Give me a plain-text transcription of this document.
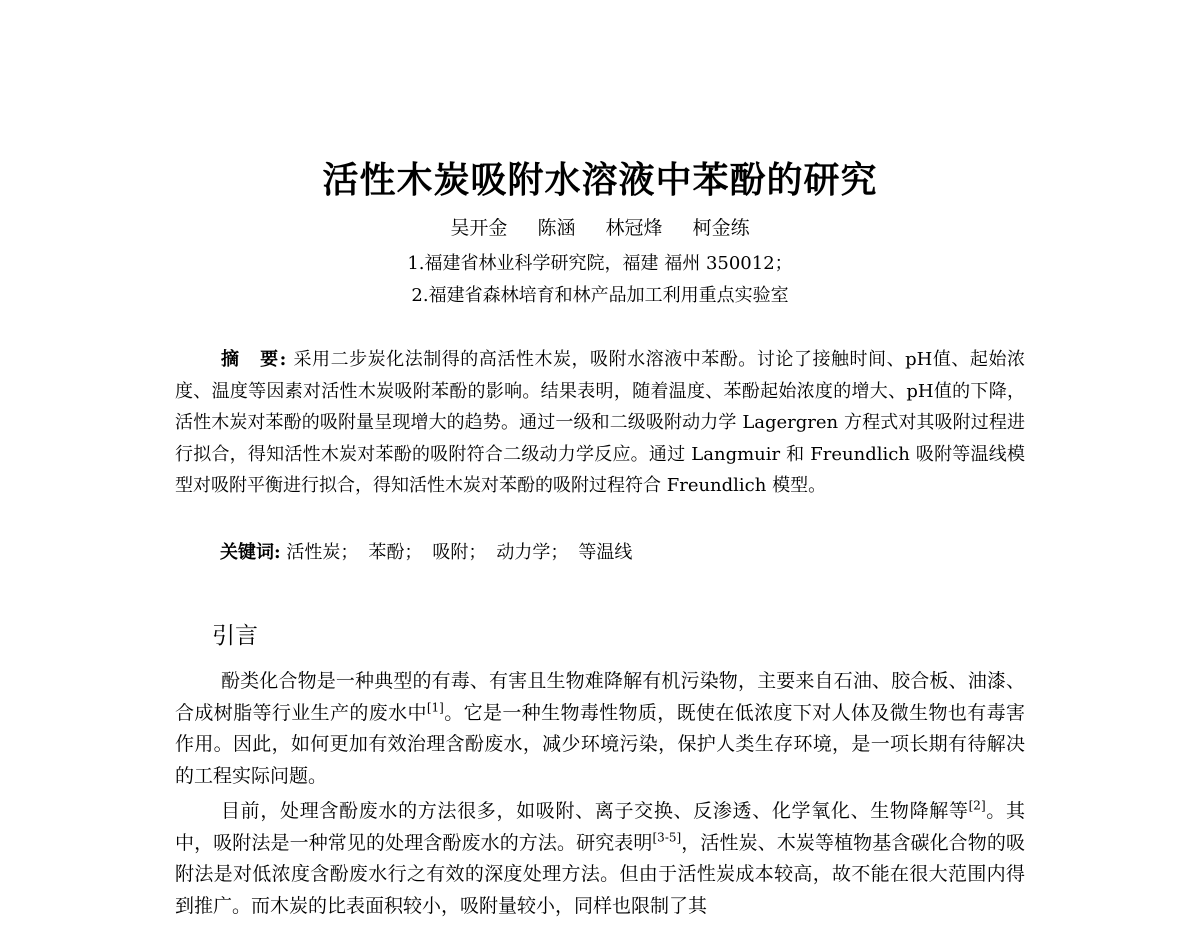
活性木炭吸附水溶液中苯酚的研究
吴开金 陈涵 林冠烽 柯金练
1.福建省林业科学研究院，福建 福州 350012；
2.福建省森林培育和林产品加工利用重点实验室

摘　要: 采用二步炭化法制得的高活性木炭，吸附水溶液中苯酚。讨论了接触时间、pH值、起始浓度、温度等因素对活性木炭吸附苯酚的影响。结果表明，随着温度、苯酚起始浓度的增大、pH值的下降，活性木炭对苯酚的吸附量呈现增大的趋势。通过一级和二级吸附动力学 Lagergren 方程式对其吸附过程进行拟合，得知活性木炭对苯酚的吸附符合二级动力学反应。通过 Langmuir 和 Freundlich 吸附等温线模型对吸附平衡进行拟合，得知活性木炭对苯酚的吸附过程符合 Freundlich 模型。

关键词: 活性炭； 苯酚； 吸附； 动力学； 等温线
引言

酚类化合物是一种典型的有毒、有害且生物难降解有机污染物，主要来自石油、胶合板、油漆、合成树脂等行业生产的废水中[1]。它是一种生物毒性物质，既使在低浓度下对人体及微生物也有毒害作用。因此，如何更加有效治理含酚废水，减少环境污染，保护人类生存环境，是一项长期有待解决的工程实际问题。

目前，处理含酚废水的方法很多，如吸附、离子交换、反渗透、化学氧化、生物降解等[2]。其中，吸附法是一种常见的处理含酚废水的方法。研究表明[3-5]，活性炭、木炭等植物基含碳化合物的吸附法是对低浓度含酚废水行之有效的深度处理方法。但由于活性炭成本较高，故不能在很大范围内得到推广。而木炭的比表面积较小，吸附量较小，同样也限制了其
